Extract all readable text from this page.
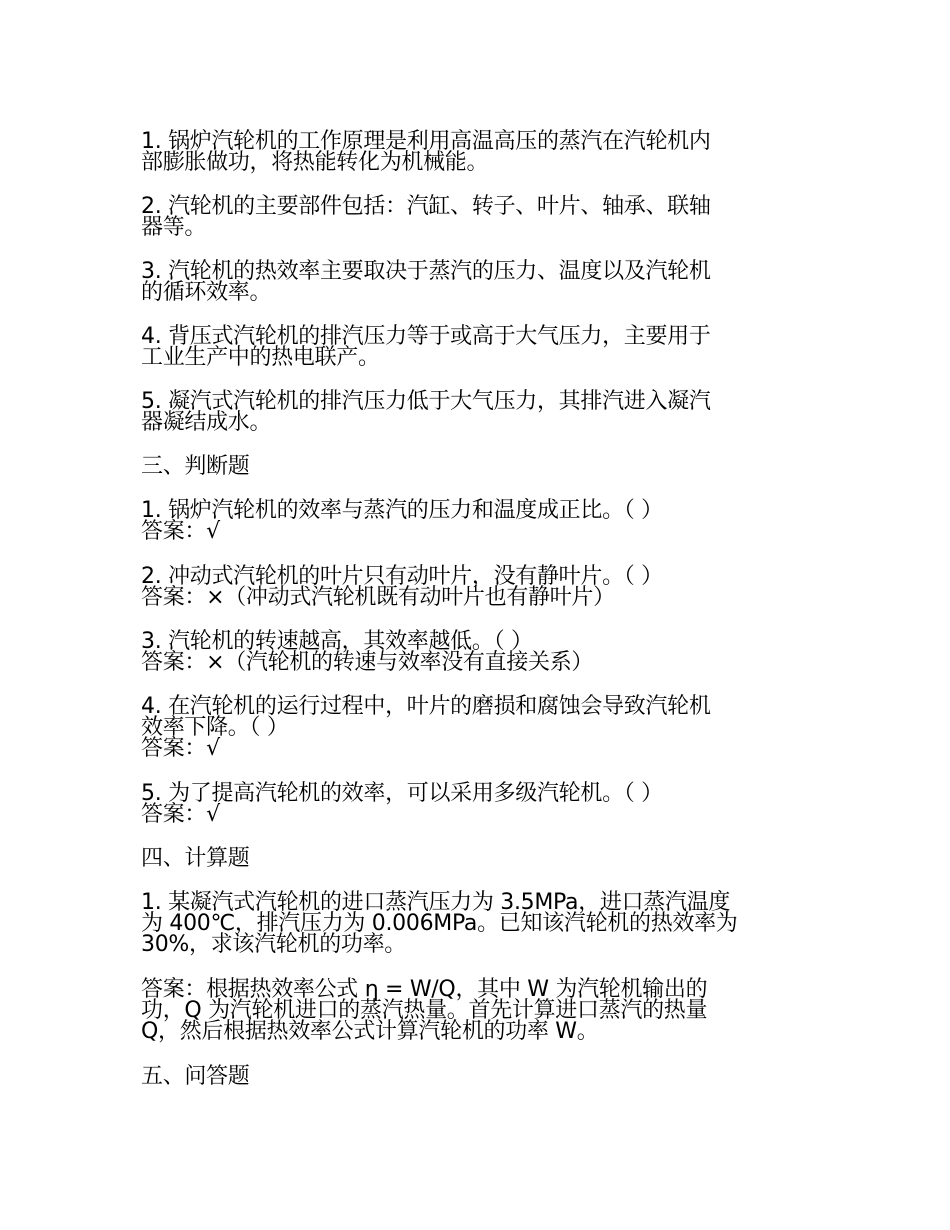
1. 锅炉汽轮机的工作原理是利用高温高压的蒸汽在汽轮机内
部膨胀做功，将热能转化为机械能。
2. 汽轮机的主要部件包括：汽缸、转子、叶片、轴承、联轴
器等。
3. 汽轮机的热效率主要取决于蒸汽的压力、温度以及汽轮机
的循环效率。
4. 背压式汽轮机的排汽压力等于或高于大气压力，主要用于
工业生产中的热电联产。
5. 凝汽式汽轮机的排汽压力低于大气压力，其排汽进入凝汽
器凝结成水。
三、判断题
1. 锅炉汽轮机的效率与蒸汽的压力和温度成正比。（ ）
答案：√
2. 冲动式汽轮机的叶片只有动叶片，没有静叶片。（ ）
答案：×（冲动式汽轮机既有动叶片也有静叶片）
3. 汽轮机的转速越高，其效率越低。（ ）
答案：×（汽轮机的转速与效率没有直接关系）
4. 在汽轮机的运行过程中，叶片的磨损和腐蚀会导致汽轮机
效率下降。（ ）
答案：√
5. 为了提高汽轮机的效率，可以采用多级汽轮机。（ ）
答案：√
四、计算题
1. 某凝汽式汽轮机的进口蒸汽压力为 3.5MPa，进口蒸汽温度
为 400℃，排汽压力为 0.006MPa。已知该汽轮机的热效率为
30%，求该汽轮机的功率。
答案：根据热效率公式 η = W/Q，其中 W 为汽轮机输出的
功，Q 为汽轮机进口的蒸汽热量。首先计算进口蒸汽的热量
Q，然后根据热效率公式计算汽轮机的功率 W。
五、问答题
